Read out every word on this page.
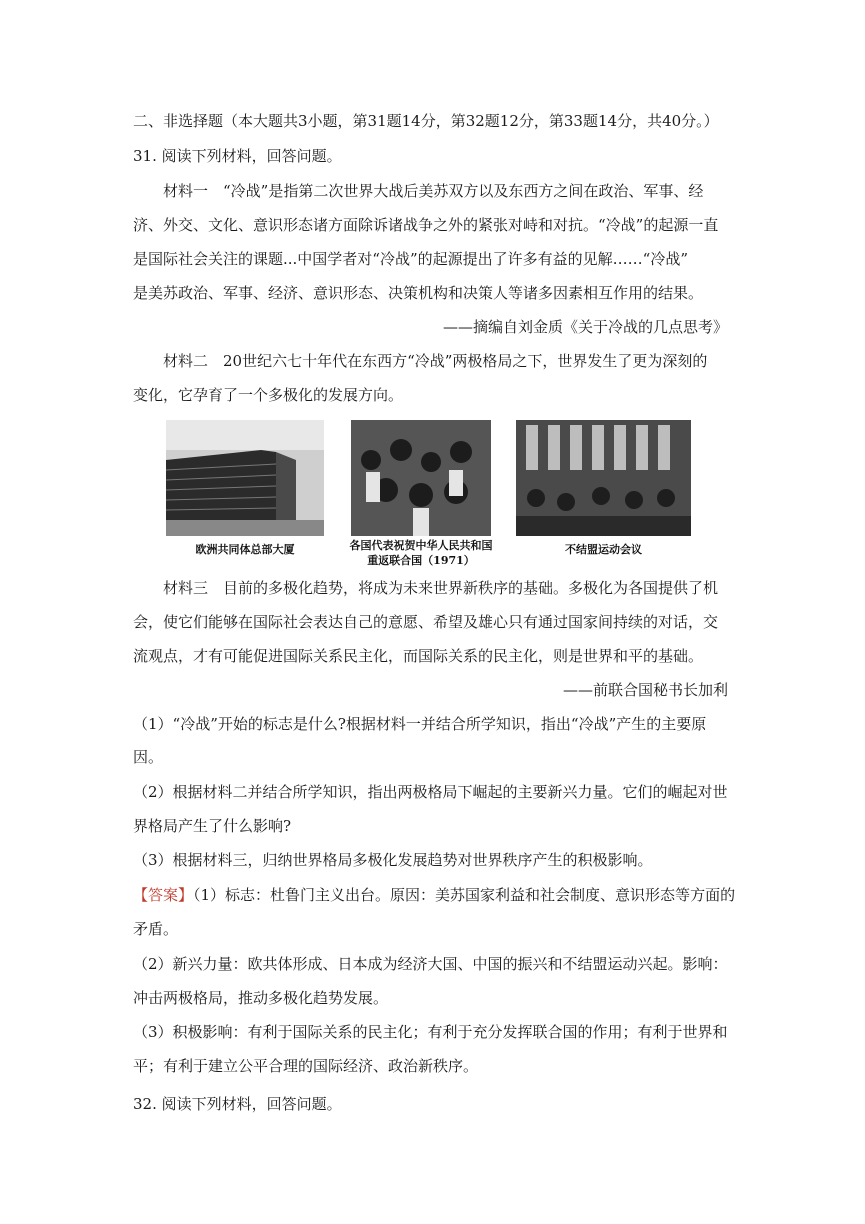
二、非选择题（本大题共3小题，第31题14分，第32题12分，第33题14分，共40分。）
31. 阅读下列材料，回答问题。
材料一　“冷战”是指第二次世界大战后美苏双方以及东西方之间在政治、军事、经
济、外交、文化、意识形态诸方面除诉诸战争之外的紧张对峙和对抗。“冷战”的起源一直
是国际社会关注的课题...中国学者对“冷战”的起源提出了许多有益的见解……“冷战”
是美苏政治、军事、经济、意识形态、决策机构和决策人等诸多因素相互作用的结果。
——摘编自刘金质《关于冷战的几点思考》
材料二　20世纪六七十年代在东西方“冷战”两极格局之下，世界发生了更为深刻的
变化，它孕育了一个多极化的发展方向。
欧洲共同体总部大厦	各国代表祝贺中华人民共和国
重返联合国（1971）
不结盟运动会议
材料三　目前的多极化趋势，将成为未来世界新秩序的基础。多极化为各国提供了机
会，使它们能够在国际社会表达自己的意愿、希望及雄心只有通过国家间持续的对话，交
流观点，才有可能促进国际关系民主化，而国际关系的民主化，则是世界和平的基础。
——前联合国秘书长加利
（1）“冷战”开始的标志是什么?根据材料一并结合所学知识，指出“冷战”产生的主要原
因。
（2）根据材料二并结合所学知识，指出两极格局下崛起的主要新兴力量。它们的崛起对世
界格局产生了什么影响?
（3）根据材料三，归纳世界格局多极化发展趋势对世界秩序产生的积极影响。
【答案】（1）标志：杜鲁门主义出台。原因：美苏国家利益和社会制度、意识形态等方面的
矛盾。
（2）新兴力量：欧共体形成、日本成为经济大国、中国的振兴和不结盟运动兴起。影响：
冲击两极格局，推动多极化趋势发展。
（3）积极影响：有利于国际关系的民主化；有利于充分发挥联合国的作用；有利于世界和
平；有利于建立公平合理的国际经济、政治新秩序。
32. 阅读下列材料，回答问题。
